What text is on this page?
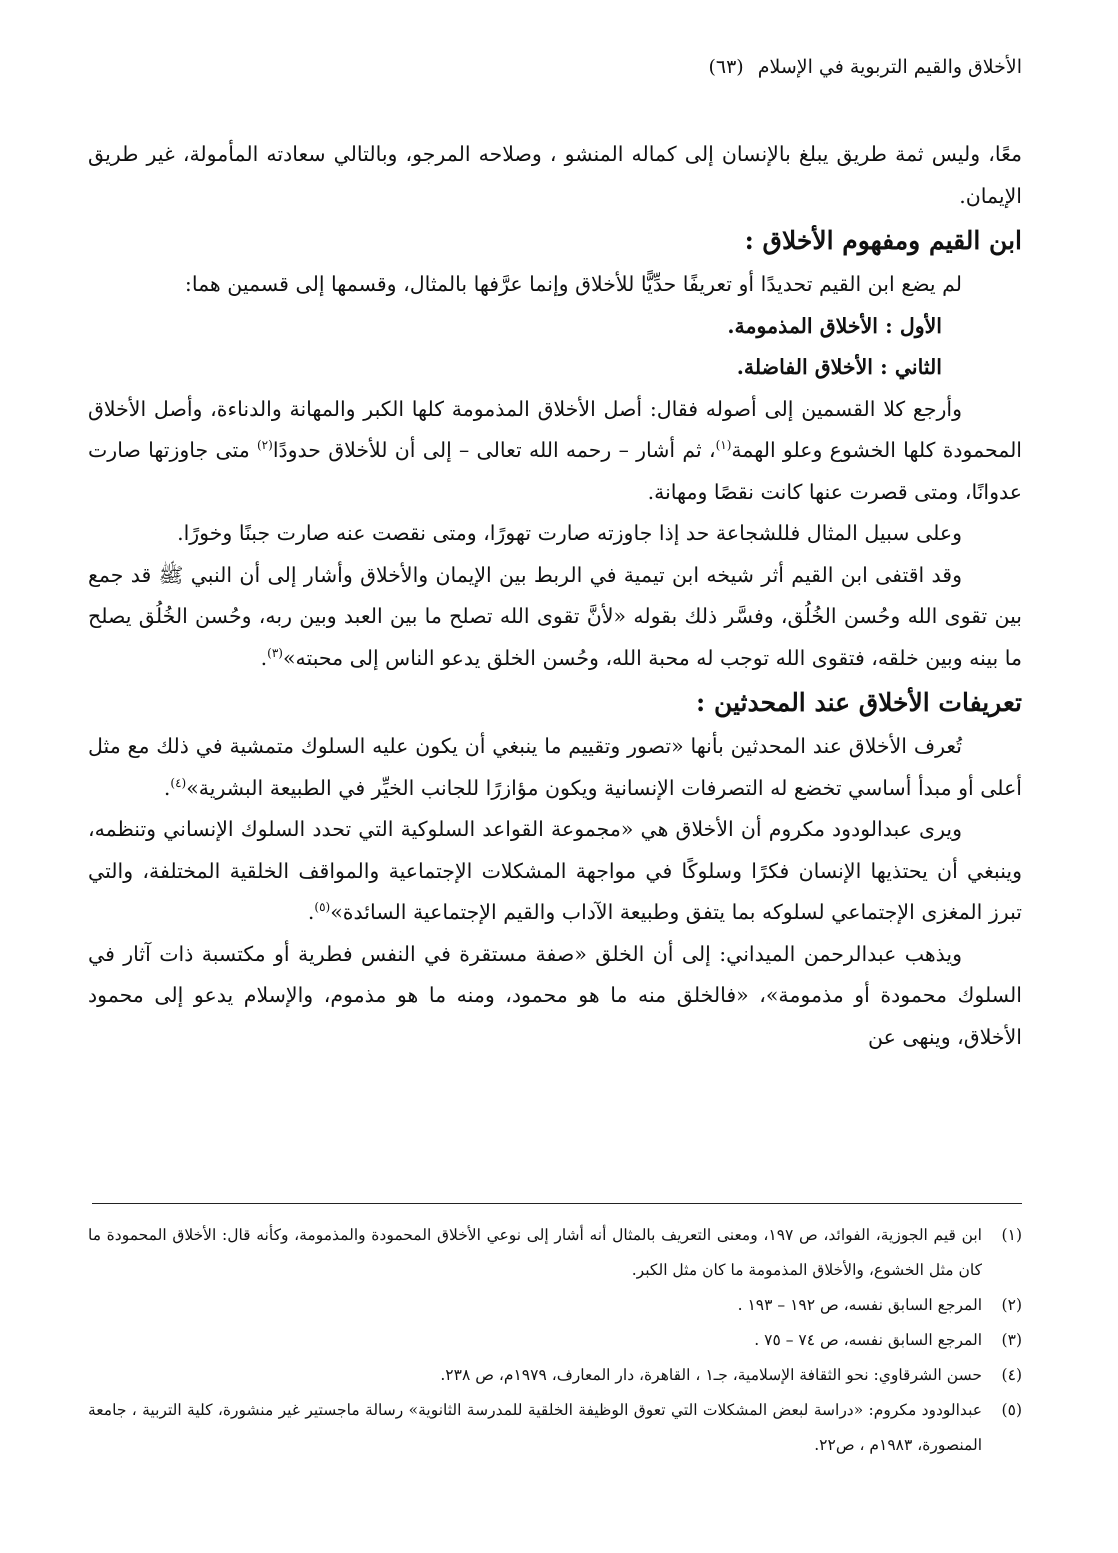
الأخلاق والقيم التربوية في الإسلام (٦٣)

معًا، وليس ثمة طريق يبلغ بالإنسان إلى كماله المنشو ، وصلاحه المرجو، وبالتالي سعادته المأمولة، غير طريق الإيمان.

ابن القيم ومفهوم الأخلاق :

لم يضع ابن القيم تحديدًا أو تعريفًا حدِّيًّا للأخلاق وإنما عرَّفها بالمثال، وقسمها إلى قسمين هما:

الأول : الأخلاق المذمومة.

الثاني : الأخلاق الفاضلة.

وأرجع كلا القسمين إلى أصوله فقال: أصل الأخلاق المذمومة كلها الكبر والمهانة والدناءة، وأصل الأخلاق المحمودة كلها الخشوع وعلو الهمة$^{(١)}$، ثم أشار – رحمه الله تعالى – إلى أن للأخلاق حدودًا$^{(٢)}$ متى جاوزتها صارت عدوانًا، ومتى قصرت عنها كانت نقصًا ومهانة.

وعلى سبيل المثال فللشجاعة حد إذا جاوزته صارت تهورًا، ومتى نقصت عنه صارت جبنًا وخورًا.

وقد اقتفى ابن القيم أثر شيخه ابن تيمية في الربط بين الإيمان والأخلاق وأشار إلى أن النبي ﷺ قد جمع بين تقوى الله وحُسن الخُلُق، وفسَّر ذلك بقوله «لأنَّ تقوى الله تصلح ما بين العبد وبين ربه، وحُسن الخُلُق يصلح ما بينه وبين خلقه، فتقوى الله توجب له محبة الله، وحُسن الخلق يدعو الناس إلى محبته»$^{(٣)}$.

تعريفات الأخلاق عند المحدثين :

تُعرف الأخلاق عند المحدثين بأنها «تصور وتقييم ما ينبغي أن يكون عليه السلوك متمشية في ذلك مع مثل أعلى أو مبدأ أساسي تخضع له التصرفات الإنسانية ويكون مؤازرًا للجانب الخيِّر في الطبيعة البشرية»$^{(٤)}$.

ويرى عبدالودود مكروم أن الأخلاق هي «مجموعة القواعد السلوكية التي تحدد السلوك الإنساني وتنظمه، وينبغي أن يحتذيها الإنسان فكرًا وسلوكًا في مواجهة المشكلات الإجتماعية والمواقف الخلقية المختلفة، والتي تبرز المغزى الإجتماعي لسلوكه بما يتفق وطبيعة الآداب والقيم الإجتماعية السائدة»$^{(٥)}$.

ويذهب عبدالرحمن الميداني: إلى أن الخلق «صفة مستقرة في النفس فطرية أو مكتسبة ذات آثار في السلوك محمودة أو مذمومة»، «فالخلق منه ما هو محمود، ومنه ما هو مذموم، والإسلام يدعو إلى محمود الأخلاق، وينهى عن

(١)
ابن قيم الجوزية، الفوائد، ص ١٩٧، ومعنى التعريف بالمثال أنه أشار إلى نوعي الأخلاق المحمودة والمذمومة، وكأنه قال: الأخلاق المحمودة ما كان مثل الخشوع، والأخلاق المذمومة ما كان مثل الكبر.
(٢)
المرجع السابق نفسه، ص ١٩٢ – ١٩٣ .
(٣)
المرجع السابق نفسه، ص ٧٤ – ٧٥ .
(٤)
حسن الشرقاوي: نحو الثقافة الإسلامية، جـ١ ، القاهرة، دار المعارف، ١٩٧٩م، ص ٢٣٨.
(٥)
عبدالودود مكروم: «دراسة لبعض المشكلات التي تعوق الوظيفة الخلقية للمدرسة الثانوية» رسالة ماجستير غير منشورة، كلية التربية ، جامعة المنصورة، ١٩٨٣م ، ص٢٢.
